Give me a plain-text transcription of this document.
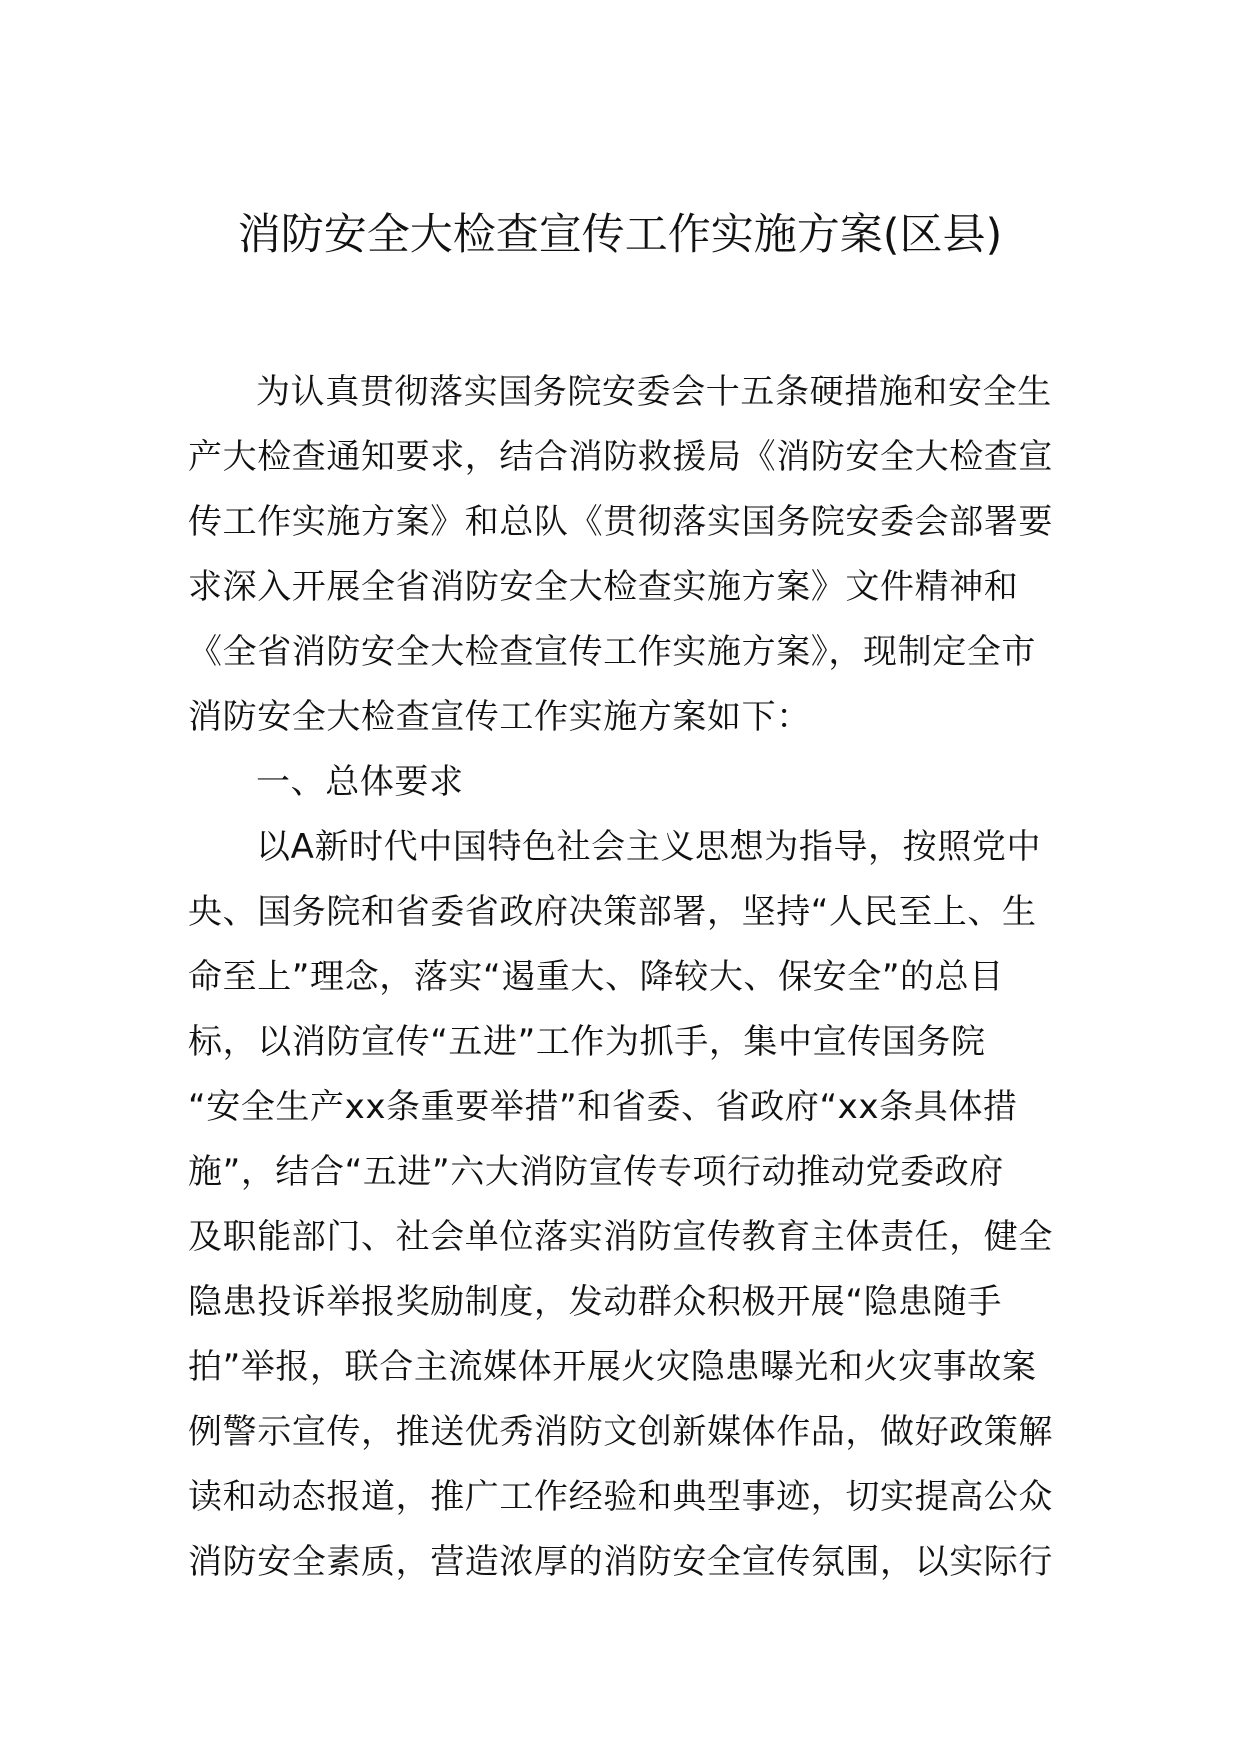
消防安全大检查宣传工作实施方案(区县)
为认真贯彻落实国务院安委会十五条硬措施和安全生
产大检查通知要求，结合消防救援局《消防安全大检查宣
传工作实施方案》和总队《贯彻落实国务院安委会部署要
求深入开展全省消防安全大检查实施方案》文件精神和
《全省消防安全大检查宣传工作实施方案》，现制定全市
消防安全大检查宣传工作实施方案如下：
一、总体要求
以A新时代中国特色社会主义思想为指导，按照党中
央、国务院和省委省政府决策部署，坚持“人民至上、生
命至上”理念，落实“遏重大、降较大、保安全”的总目
标，以消防宣传“五进”工作为抓手，集中宣传国务院
“安全生产xx条重要举措”和省委、省政府“xx条具体措
施”，结合“五进”六大消防宣传专项行动推动党委政府
及职能部门、社会单位落实消防宣传教育主体责任，健全
隐患投诉举报奖励制度，发动群众积极开展“隐患随手
拍”举报，联合主流媒体开展火灾隐患曝光和火灾事故案
例警示宣传，推送优秀消防文创新媒体作品，做好政策解
读和动态报道，推广工作经验和典型事迹，切实提高公众
消防安全素质，营造浓厚的消防安全宣传氛围，以实际行
